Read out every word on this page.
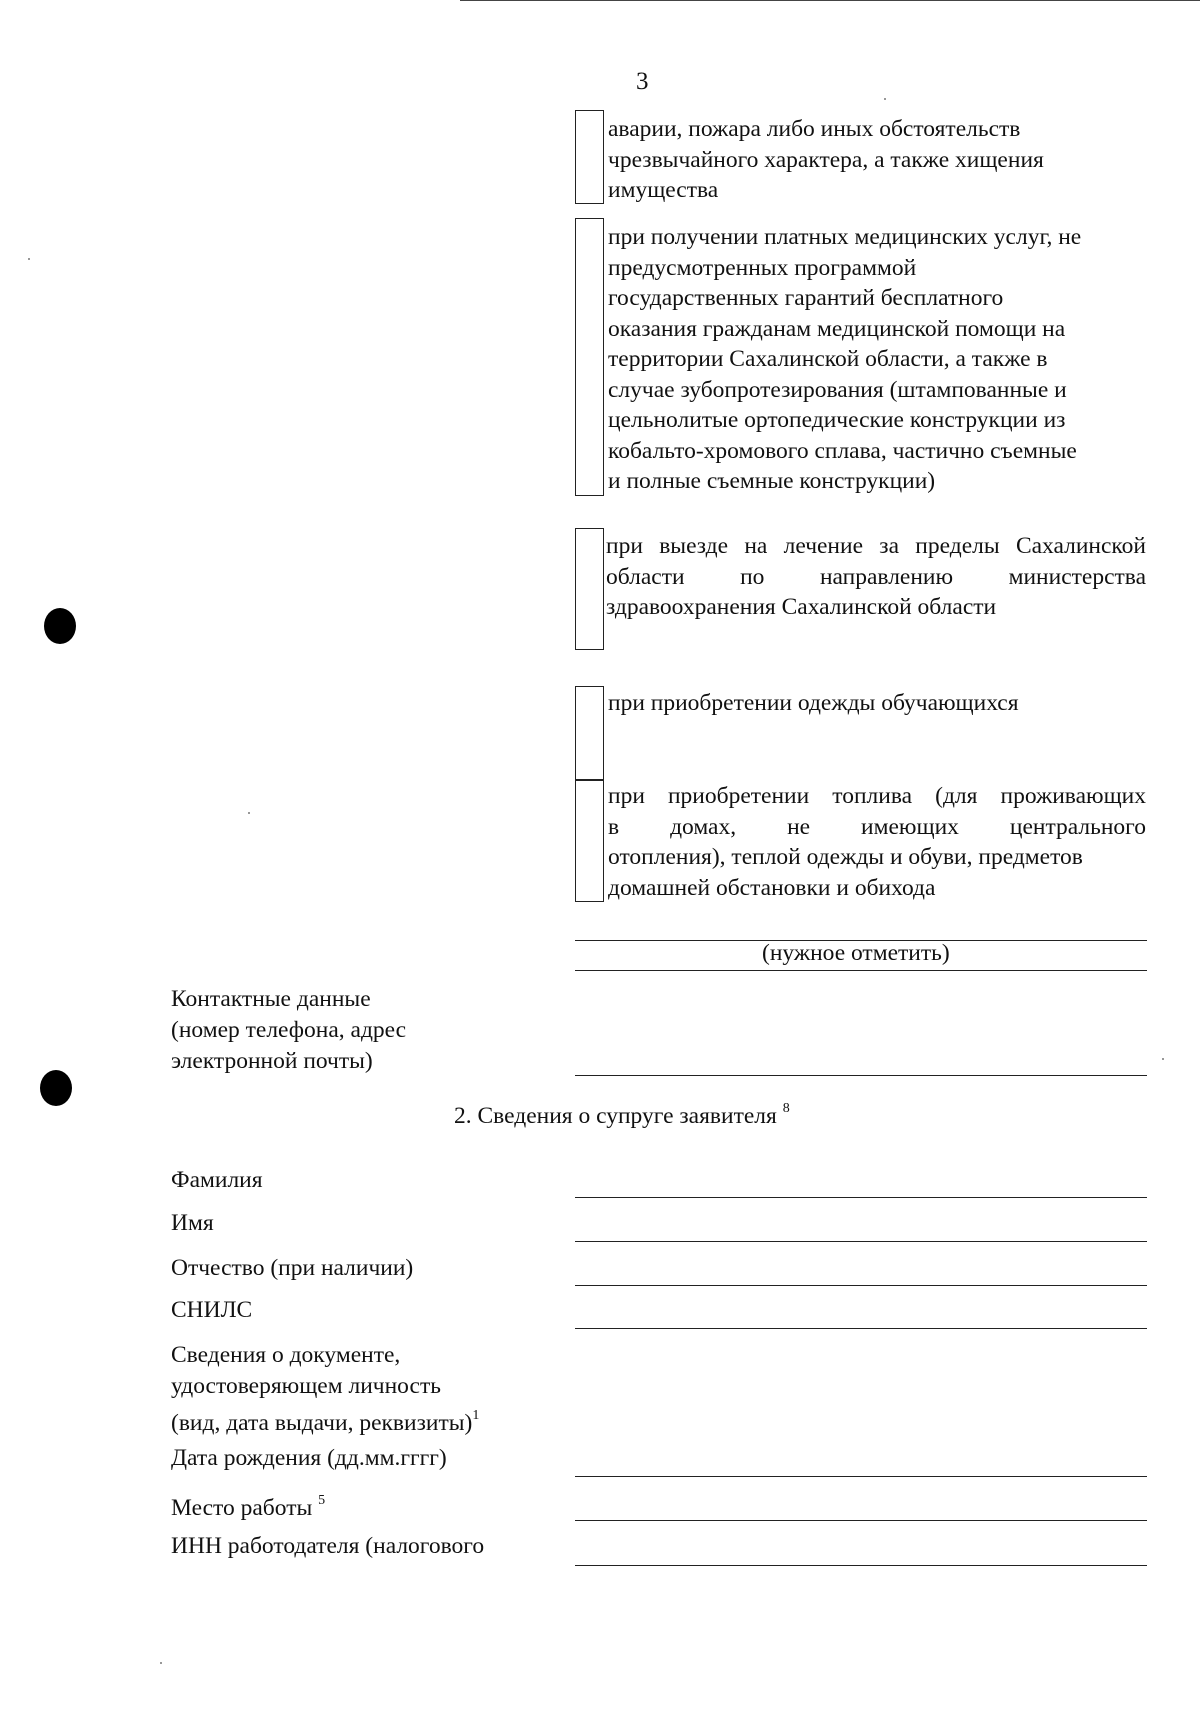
3
аварии, пожара либо иных обстоятельств
чрезвычайного характера, а также хищения
имущества
при получении платных медицинских услуг, не
предусмотренных программой
государственных гарантий бесплатного
оказания гражданам медицинской помощи на
территории Сахалинской области, а также в
случае зубопротезирования (штампованные и
цельнолитые ортопедические конструкции из
кобальто-хромового сплава, частично съемные
и полные съемные конструкции)
при выезде на лечение за пределы Сахалинской
области по направлению министерства
здравоохранения Сахалинской области
при приобретении одежды обучающихся
при приобретении топлива (для проживающих
в домах, не имеющих центрального
отопления), теплой одежды и обуви, предметов
домашней обстановки и обихода
(нужное отметить)
Контактные данные
(номер телефона, адрес
электронной почты)
2. Сведения о супруге заявителя $^8$
Фамилия
Имя
Отчество (при наличии)
СНИЛС
Сведения о документе,
удостоверяющем личность
(вид, дата выдачи, реквизиты)$^1$
Дата рождения (дд.мм.гггг)
Место работы $^5$
ИНН работодателя (налогового
